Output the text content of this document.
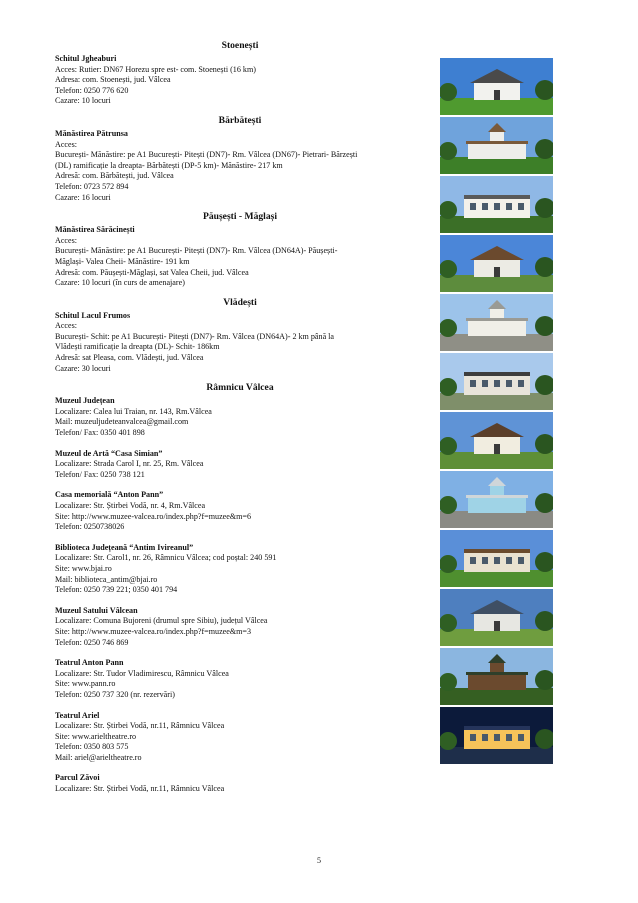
Stoenești
Schitul Jgheaburi
Acces: Rutier: DN67 Horezu spre est- com. Stoenești (16 km)
Adresa: com. Stoenești, jud. Vâlcea
Telefon: 0250 776 620
Cazare: 10 locuri
Bărbătești
Mănăstirea Pătrunsa
Acces:
București- Mănăstire: pe A1 București- Pitești (DN7)- Rm. Vâlcea (DN67)- Pietrari- Bărzești
(DL) ramificație la dreapta- Bărbătești (DP-5 km)- Mănăstire- 217 km
Adresă: com. Bărbătești, jud. Vâlcea
Telefon: 0723 572 894
Cazare: 16 locuri
Păușești - Măglași
Mănăstirea Sărăcinești
Acces:
București- Mănăstire: pe A1 București- Pitești (DN7)- Rm. Vâlcea (DN64A)- Păușești-
Măglași- Valea Cheii- Mănăstire- 191 km
Adresă: com. Păușești-Măglași, sat Valea Cheii, jud. Vâlcea
Cazare: 10 locuri (în curs de amenajare)
Vlădești
Schitul Lacul Frumos
Acces:
București- Schit: pe A1 București- Pitești (DN7)- Rm. Vâlcea (DN64A)- 2 km până la
Vlădești ramificație la dreapta (DL)- Schit- 186km
Adresă: sat Pleasa, com. Vlădești, jud. Vâlcea
Cazare: 30 locuri
Râmnicu Vâlcea
Muzeul Județean
Localizare: Calea lui Traian, nr. 143, Rm.Vâlcea
Mail: muzeuljudeteanvalcea@gmail.com
Telefon/ Fax: 0350 401 898
Muzeul de Artă “Casa Simian”
Localizare: Strada Carol I, nr. 25, Rm. Vâlcea
Telefon/ Fax: 0250 738 121
Casa memorială “Anton Pann”
Localizare: Str. Știrbei Vodă, nr. 4, Rm.Vâlcea
Site: http://www.muzee-valcea.ro/index.php?f=muzee&m=6
Telefon: 0250738026
Biblioteca Județeană “Antim Ivireanul”
Localizare: Str. Carol1, nr. 26, Râmnicu Vâlcea; cod poștal: 240 591
Site: www.bjai.ro
Mail: biblioteca_antim@bjai.ro
Telefon: 0250 739 221; 0350 401 794
Muzeul Satului Vâlcean
Localizare: Comuna Bujoreni (drumul spre Sibiu), județul Vâlcea
Site: http://www.muzee-valcea.ro/index.php?f=muzee&m=3
Telefon: 0250 746 869
Teatrul Anton Pann
Localizare: Str. Tudor Vladimirescu, Râmnicu Vâlcea
Site: www.pann.ro
Telefon: 0250 737 320 (nr. rezervări)
Teatrul Ariel
Localizare: Str. Știrbei Vodă, nr.11, Râmnicu Vâlcea
Site: www.arieltheatre.ro
Telefon: 0350 803 575
Mail: ariel@arieltheatre.ro
Parcul Zăvoi
Localizare: Str. Știrbei Vodă, nr.11, Râmnicu Vâlcea
5
